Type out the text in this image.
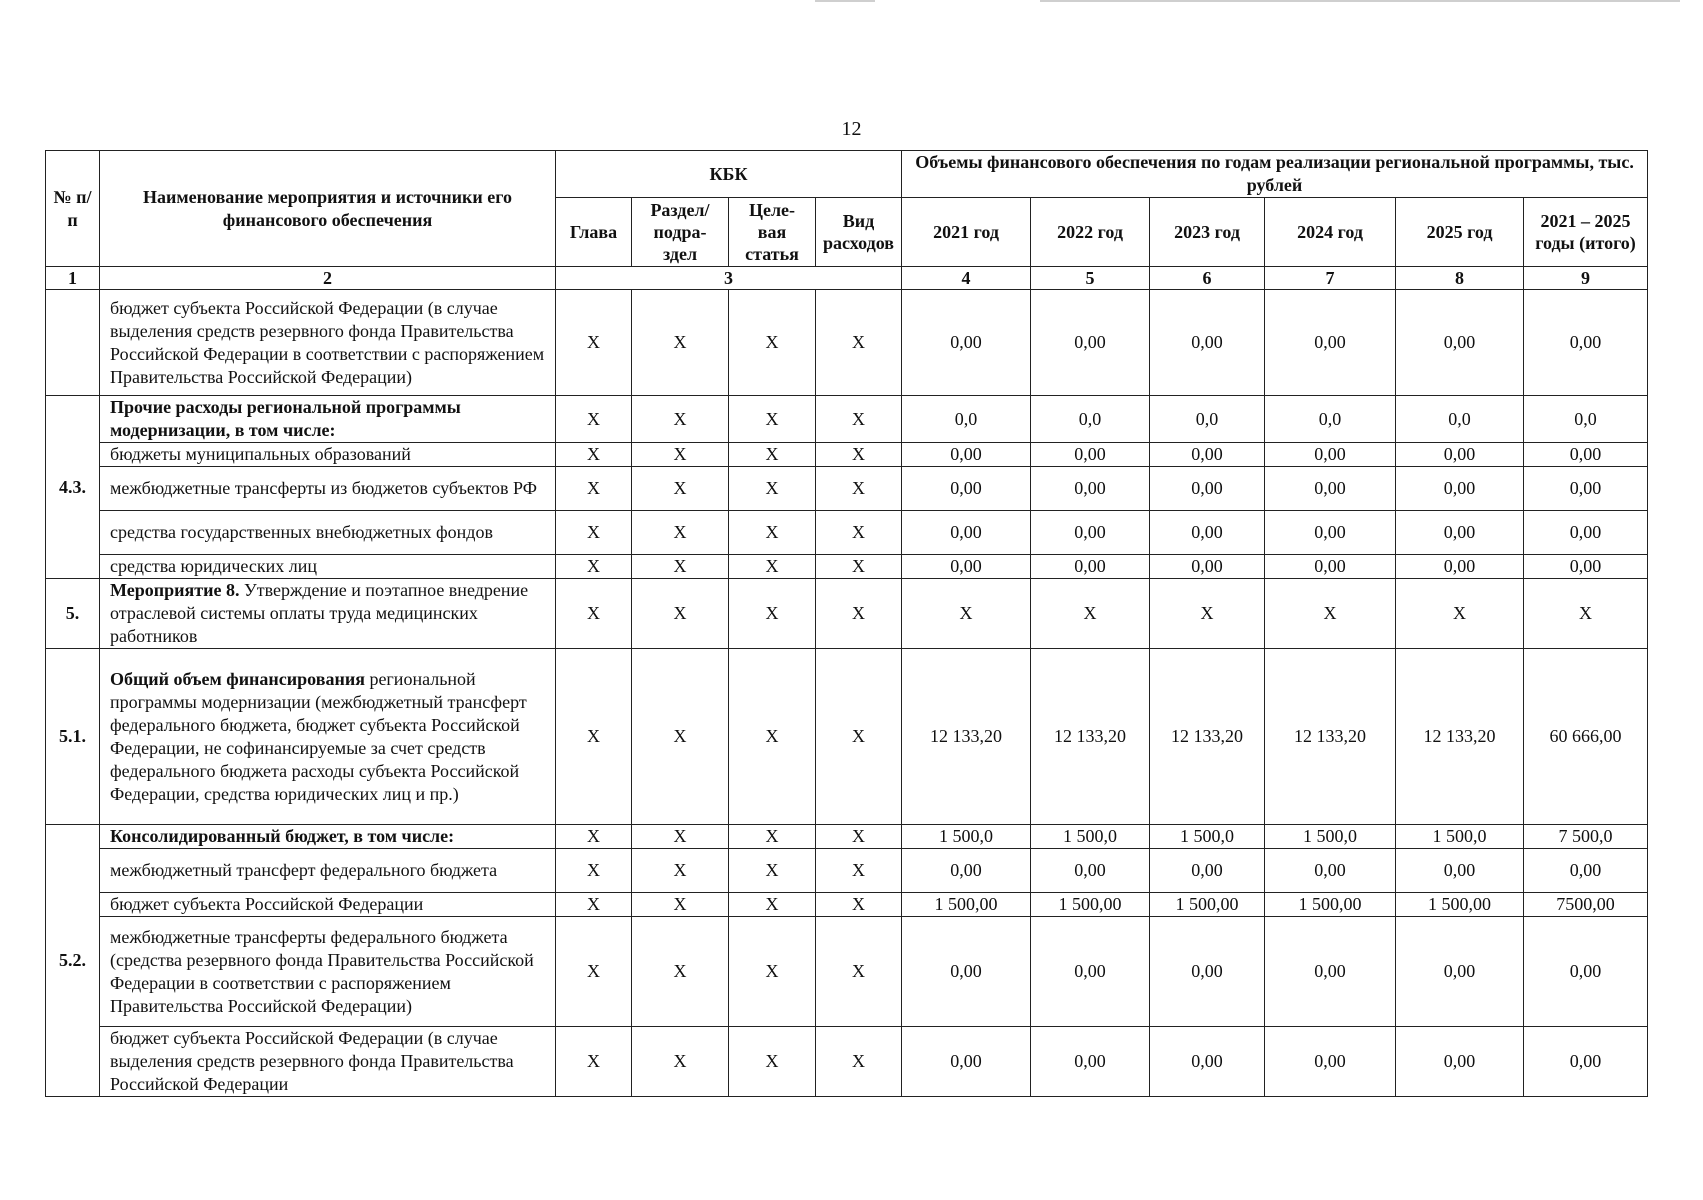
12
№ п/п	Наименование мероприятия и источники его финансового обеспечения	КБК				Объемы финансового обеспечения по годам реализации региональной программы, тыс. рублей					
		Глава	Раздел/ подра- здел	Целе- вая статья	Вид расходов	2021 год	2022 год	2023 год	2024 год	2025 год	2021 – 2025 годы (итого)
1	2	3				4	5	6	7	8	9
	бюджет субъекта Российской Федерации (в случае выделения средств резервного фонда Правительства Российской Федерации в соответствии с распоряжением Правительства Российской Федерации)	X	X	X	X	0,00	0,00	0,00	0,00	0,00	0,00
4.3.	Прочие расходы региональной программы модернизации, в том числе:	X	X	X	X	0,0	0,0	0,0	0,0	0,0	0,0
	бюджеты муниципальных образований	X	X	X	X	0,00	0,00	0,00	0,00	0,00	0,00
	межбюджетные трансферты из бюджетов субъектов РФ	X	X	X	X	0,00	0,00	0,00	0,00	0,00	0,00
	средства государственных внебюджетных фондов	X	X	X	X	0,00	0,00	0,00	0,00	0,00	0,00
	средства юридических лиц	X	X	X	X	0,00	0,00	0,00	0,00	0,00	0,00
5.	Мероприятие 8. Утверждение и поэтапное внедрение отраслевой системы оплаты труда медицинских работников	X	X	X	X	X	X	X	X	X	X
5.1.	Общий объем финансирования региональной программы модернизации (межбюджетный трансферт федерального бюджета, бюджет субъекта Российской Федерации, не софинансируемые за счет средств федерального бюджета расходы субъекта Российской Федерации, средства юридических лиц и пр.)	X	X	X	X	12 133,20	12 133,20	12 133,20	12 133,20	12 133,20	60 666,00
5.2.	Консолидированный бюджет, в том числе:	X	X	X	X	1 500,0	1 500,0	1 500,0	1 500,0	1 500,0	7 500,0
	межбюджетный трансферт федерального бюджета	X	X	X	X	0,00	0,00	0,00	0,00	0,00	0,00
	бюджет субъекта Российской Федерации	X	X	X	X	1 500,00	1 500,00	1 500,00	1 500,00	1 500,00	7500,00
	межбюджетные трансферты федерального бюджета (средства резервного фонда Правительства Российской Федерации в соответствии с распоряжением Правительства Российской Федерации)	X	X	X	X	0,00	0,00	0,00	0,00	0,00	0,00
	бюджет субъекта Российской Федерации (в случае выделения средств резервного фонда Правительства Российской Федерации	X	X	X	X	0,00	0,00	0,00	0,00	0,00	0,00
